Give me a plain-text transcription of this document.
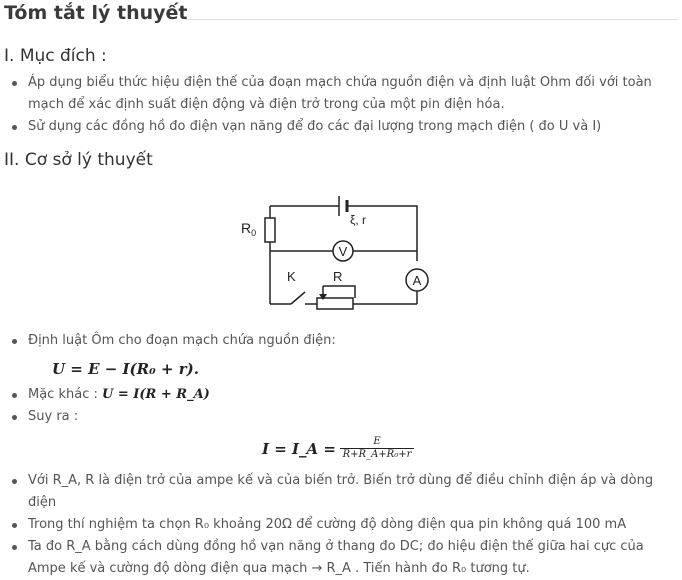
Tóm tắt lý thuyết
I. Mục đích :
Áp dụng biểu thức hiệu điện thế của đoạn mạch chứa nguồn điện và định luật Ohm đối với toàn mạch để xác định suất điện động và điện trở trong của một pin điện hóa.
Sử dụng các đồng hồ đo điện vạn năng để đo các đại lượng trong mạch điện ( đo U và I)
II. Cơ sở lý thuyết
$R_0$
ξ, r
V
A
K	R
Định luật Ôm cho đoạn mạch chứa nguồn điện:
U = E − I(R₀ + r).
Mặc khác : U = I(R + R_A)
Suy ra :
I = I_A = $\frac{E}{\text{R+R\_A+R₀+r}}$
Với R_A, R là điện trở của ampe kế và của biến trở. Biến trở dùng để điều chỉnh điện áp và dòng điện
Trong thí nghiệm ta chọn R₀ khoảng 20Ω để cường độ dòng điện qua pin không quá 100 mA
Ta đo R_A bằng cách dùng đồng hồ vạn năng ở thang đo DC; đo hiệu điện thế giữa hai cực của Ampe kế và cường độ dòng điện qua mạch → R_A . Tiến hành đo R₀ tương tự.
